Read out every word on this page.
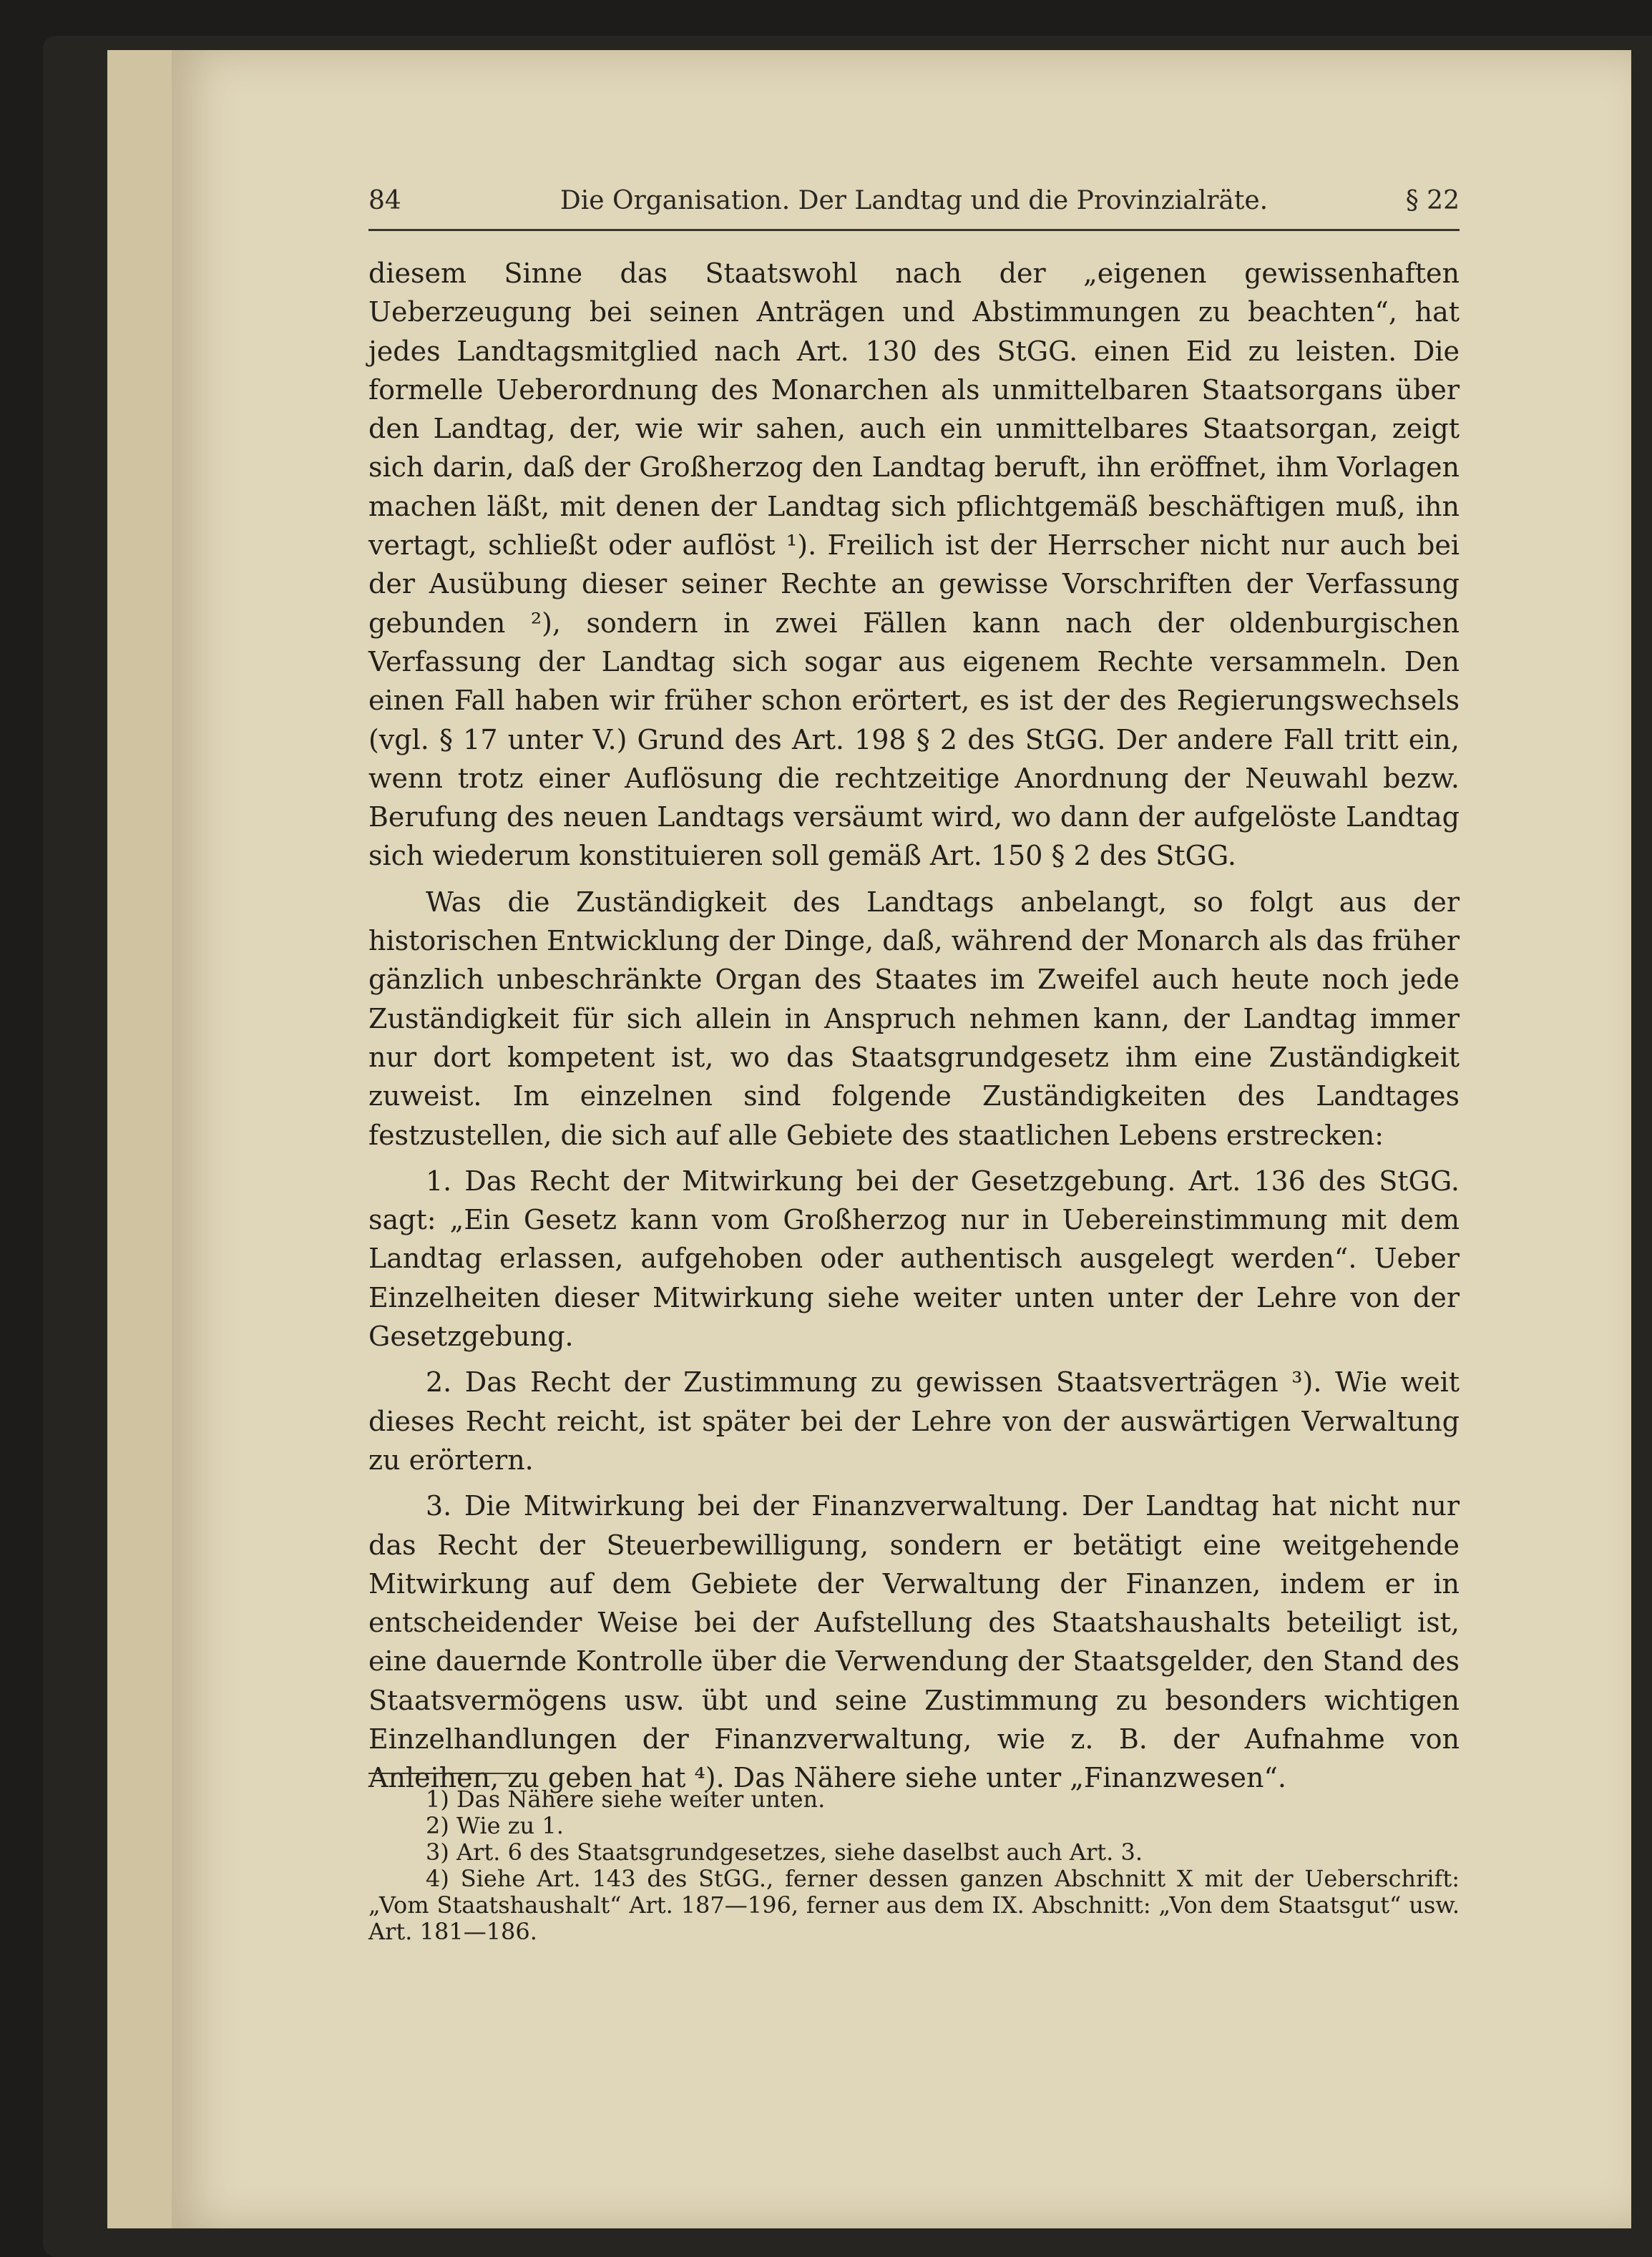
84	Die Organisation. Der Landtag und die Provinzialräte.	§ 22

diesem Sinne das Staatswohl nach der „eigenen gewissenhaften Ueberzeugung bei seinen Anträgen und Abstimmungen zu beachten“, hat jedes Landtagsmitglied nach Art. 130 des StGG. einen Eid zu leisten. Die formelle Ueberordnung des Monarchen als unmittelbaren Staatsorgans über den Landtag, der, wie wir sahen, auch ein unmittelbares Staatsorgan, zeigt sich darin, daß der Großherzog den Landtag beruft, ihn eröffnet, ihm Vorlagen machen läßt, mit denen der Landtag sich pflichtgemäß beschäftigen muß, ihn vertagt, schließt oder auflöst ¹). Freilich ist der Herrscher nicht nur auch bei der Ausübung dieser seiner Rechte an gewisse Vorschriften der Verfassung gebunden ²), sondern in zwei Fällen kann nach der oldenburgischen Verfassung der Landtag sich sogar aus eigenem Rechte versammeln. Den einen Fall haben wir früher schon erörtert, es ist der des Regierungswechsels (vgl. § 17 unter V.) Grund des Art. 198 § 2 des StGG. Der andere Fall tritt ein, wenn trotz einer Auflösung die rechtzeitige Anordnung der Neuwahl bezw. Berufung des neuen Landtags versäumt wird, wo dann der aufgelöste Landtag sich wiederum konstituieren soll gemäß Art. 150 § 2 des StGG.

Was die Zuständigkeit des Landtags anbelangt, so folgt aus der historischen Entwicklung der Dinge, daß, während der Monarch als das früher gänzlich unbeschränkte Organ des Staates im Zweifel auch heute noch jede Zuständigkeit für sich allein in Anspruch nehmen kann, der Landtag immer nur dort kompetent ist, wo das Staatsgrundgesetz ihm eine Zuständigkeit zuweist. Im einzelnen sind folgende Zuständigkeiten des Landtages festzustellen, die sich auf alle Gebiete des staatlichen Lebens erstrecken:

1. Das Recht der Mitwirkung bei der Gesetzgebung. Art. 136 des StGG. sagt: „Ein Gesetz kann vom Großherzog nur in Uebereinstimmung mit dem Landtag erlassen, aufgehoben oder authentisch ausgelegt werden“. Ueber Einzelheiten dieser Mitwirkung siehe weiter unten unter der Lehre von der Gesetzgebung.

2. Das Recht der Zustimmung zu gewissen Staatsverträgen ³). Wie weit dieses Recht reicht, ist später bei der Lehre von der auswärtigen Verwaltung zu erörtern.

3. Die Mitwirkung bei der Finanzverwaltung. Der Landtag hat nicht nur das Recht der Steuerbewilligung, sondern er betätigt eine weitgehende Mitwirkung auf dem Gebiete der Verwaltung der Finanzen, indem er in entscheidender Weise bei der Aufstellung des Staatshaushalts beteiligt ist, eine dauernde Kontrolle über die Verwendung der Staatsgelder, den Stand des Staatsvermögens usw. übt und seine Zustimmung zu besonders wichtigen Einzelhandlungen der Finanzverwaltung, wie z. B. der Aufnahme von Anleihen, zu geben hat ⁴). Das Nähere siehe unter „Finanzwesen“.

1) Das Nähere siehe weiter unten.
2) Wie zu 1.
3) Art. 6 des Staatsgrundgesetzes, siehe daselbst auch Art. 3.
4) Siehe Art. 143 des StGG., ferner dessen ganzen Abschnitt X mit der Ueberschrift: „Vom Staatshaushalt“ Art. 187—196, ferner aus dem IX. Abschnitt: „Von dem Staatsgut“ usw. Art. 181—186.
